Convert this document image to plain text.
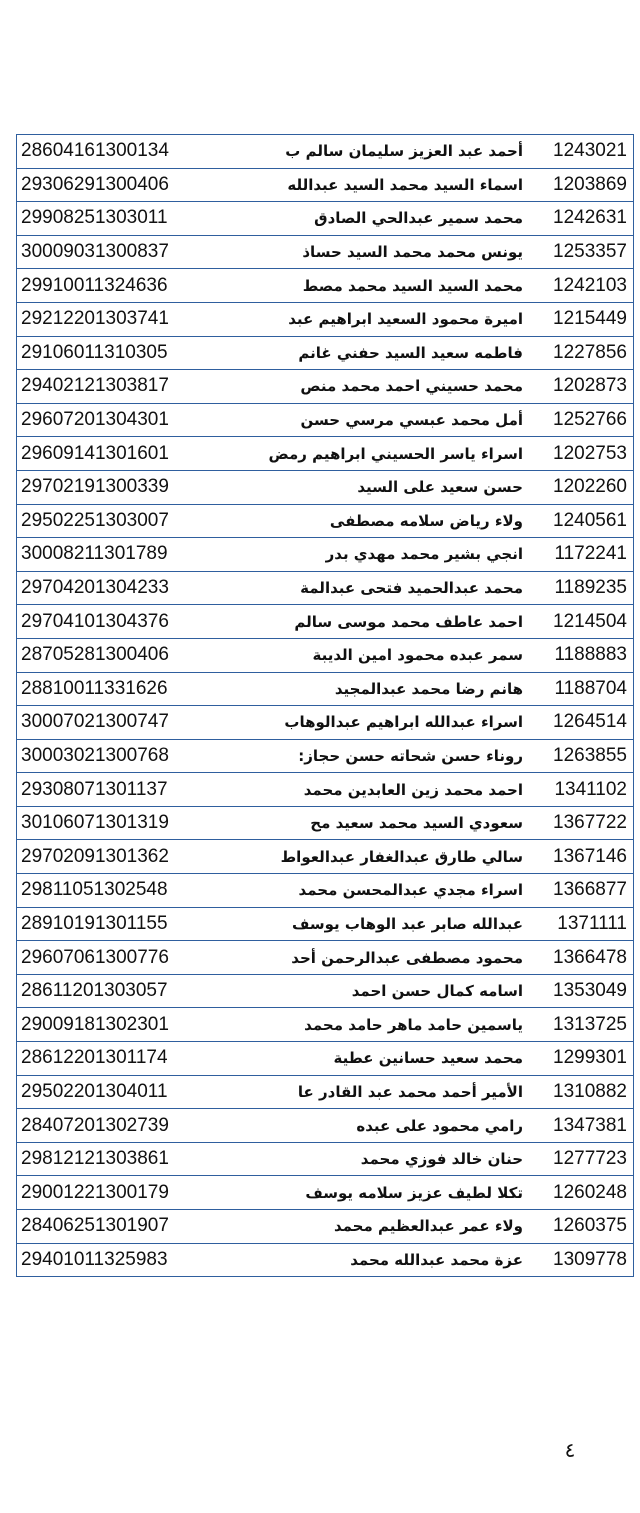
28604161300134	أحمد عبد العزيز سليمان سالم ب	1243021
29306291300406	اسماء السيد محمد السيد عبدالله	1203869
29908251303011	محمد سمير عبدالحي الصادق	1242631
30009031300837	يونس محمد محمد السيد حساذ	1253357
29910011324636	محمد السيد السيد محمد مصط	1242103
29212201303741	اميرة محمود السعيد ابراهيم عبد	1215449
29106011310305	فاطمه سعيد السيد حفني غانم	1227856
29402121303817	محمد حسيني احمد محمد منص	1202873
29607201304301	أمل محمد عبسي مرسي حسن	1252766
29609141301601	اسراء ياسر الحسيني ابراهيم رمض	1202753
29702191300339	حسن سعيد على السيد	1202260
29502251303007	ولاء رياض سلامه مصطفى	1240561
30008211301789	انجي بشير محمد مهدي بدر	1172241
29704201304233	محمد عبدالحميد فتحى عبدالمة	1189235
29704101304376	احمد عاطف محمد موسى سالم	1214504
28705281300406	سمر عبده محمود امين الديبة	1188883
28810011331626	هانم رضا محمد عبدالمجيد	1188704
30007021300747	اسراء عبدالله ابراهيم عبدالوهاب	1264514
30003021300768	روناء حسن شحاته حسن حجاز:	1263855
29308071301137	احمد محمد زين العابدين محمد	1341102
30106071301319	سعودي السيد محمد سعيد مح	1367722
29702091301362	سالي طارق عبدالغفار عبدالعواط	1367146
29811051302548	اسراء مجدي عبدالمحسن محمد	1366877
28910191301155	عبدالله صابر عبد الوهاب يوسف	1371111
29607061300776	محمود مصطفى عبدالرحمن أحد	1366478
28611201303057	اسامه كمال حسن احمد	1353049
29009181302301	ياسمين حامد ماهر حامد محمد	1313725
28612201301174	محمد سعيد حسانين عطية	1299301
29502201304011	الأمير أحمد محمد عبد القادر عا	1310882
28407201302739	رامي محمود على عبده	1347381
29812121303861	حنان خالد فوزي محمد	1277723
29001221300179	تكلا لطيف عزيز سلامه يوسف	1260248
28406251301907	ولاء عمر عبدالعظيم محمد	1260375
29401011325983	عزة محمد عبدالله محمد	1309778
٤
